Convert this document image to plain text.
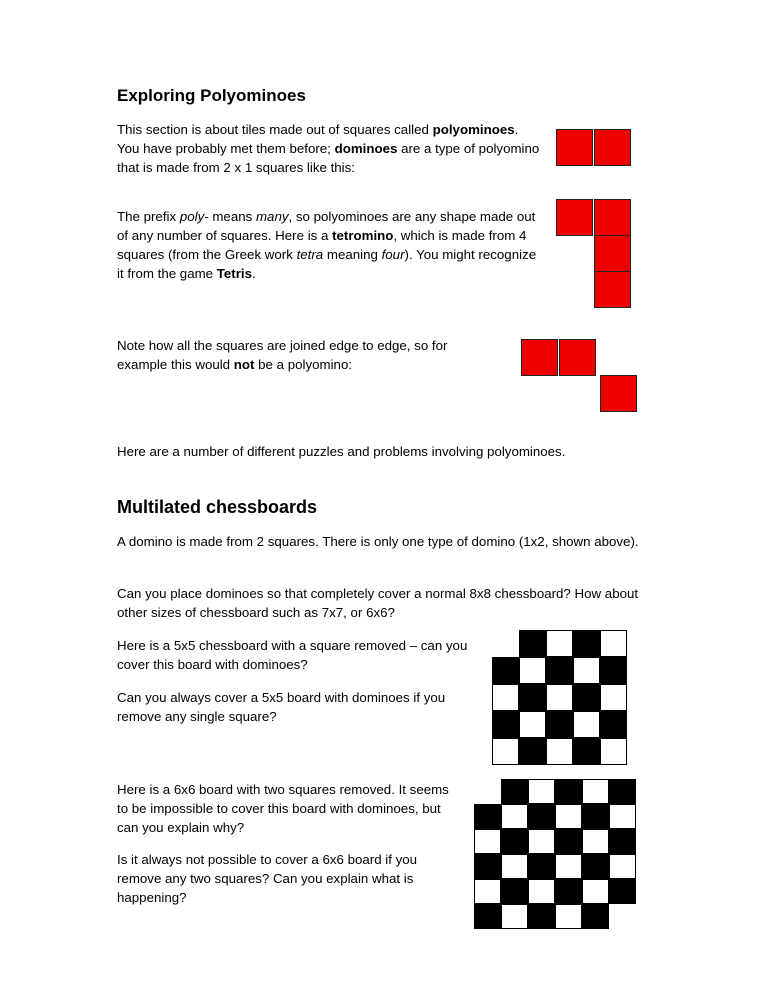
Exploring Polyominoes
This section is about tiles made out of squares called polyominoes. You have probably met them before; dominoes are a type of polyomino that is made from 2 x 1 squares like this:
The prefix poly- means many, so polyominoes are any shape made out of any number of squares. Here is a tetromino, which is made from 4 squares (from the Greek work tetra meaning four). You might recognize it from the game Tetris.
Note how all the squares are joined edge to edge, so for example this would not be a polyomino:
Here are a number of different puzzles and problems involving polyominoes.
Multilated chessboards
A domino is made from 2 squares. There is only one type of domino (1x2, shown above).
Can you place dominoes so that completely cover a normal 8x8 chessboard? How about other sizes of chessboard such as 7x7, or 6x6?
Here is a 5x5 chessboard with a square removed – can you cover this board with dominoes?
Can you always cover a 5x5 board with dominoes if you remove any single square?
Here is a 6x6 board with two squares removed. It seems to be impossible to cover this board with dominoes, but can you explain why?
Is it always not possible to cover a 6x6 board if you remove any two squares? Can you explain what is happening?
